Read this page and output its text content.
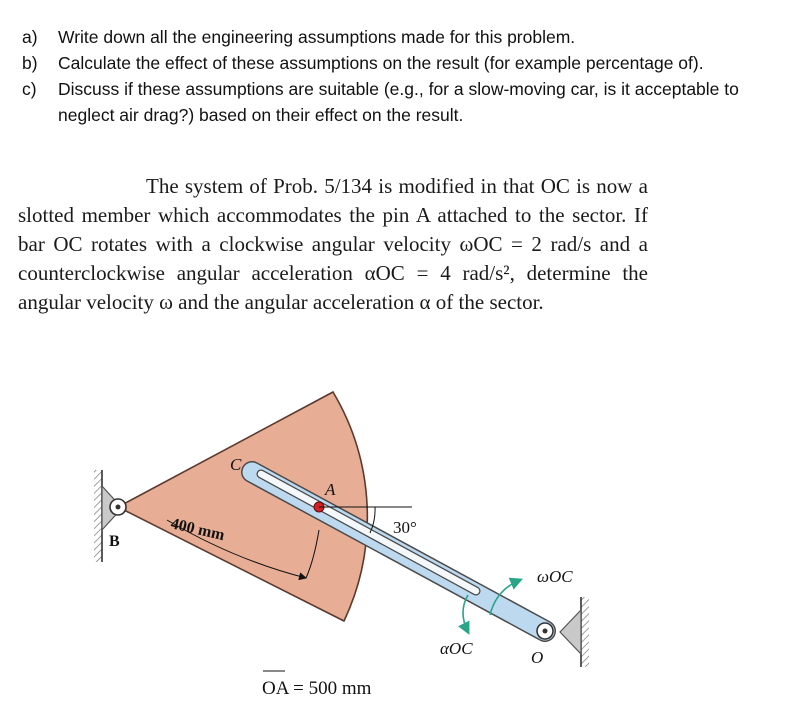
a)	Write down all the engineering assumptions made for this problem.
b)	Calculate the effect of these assumptions on the result (for example percentage of).
c)	Discuss if these assumptions are suitable (e.g., for a slow-moving car, is it acceptable to neglect air drag?) based on their effect on the result.

The system of Prob. 5/134 is modified in that OC is now a slotted member which accommodates the pin A attached to the sector. If bar OC rotates with a clockwise angular velocity ωOC = 2 rad/s and a counterclockwise angular acceleration αOC = 4 rad/s², determine the angular velocity ω and the angular acceleration α of the sector.

30°
400 mm
B
C
A
O
ωOC
αOC
OA = 500 mm
